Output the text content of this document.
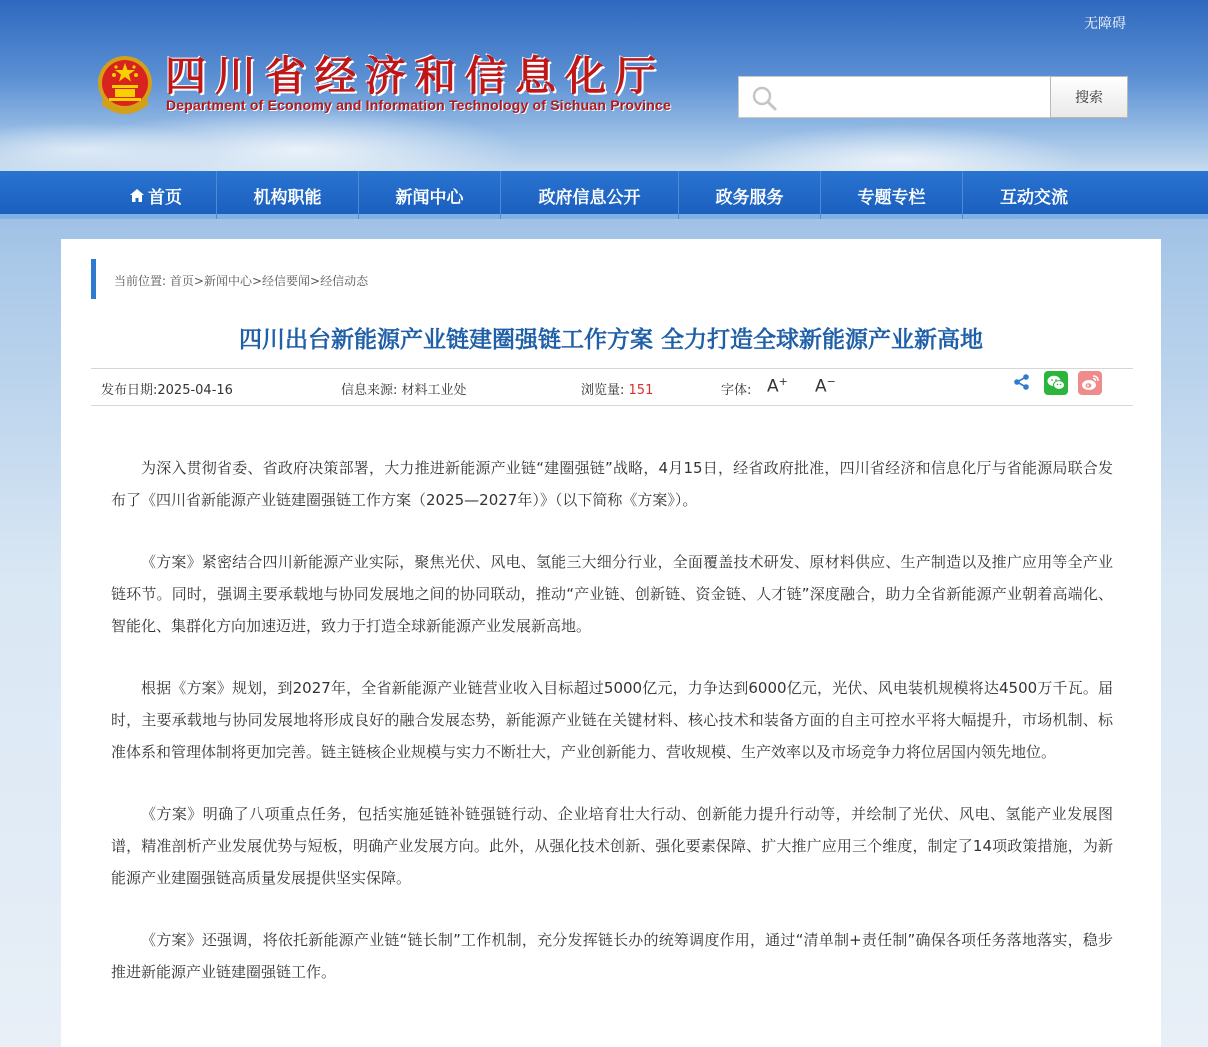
无障碍
四川省经济和信息化厅
Department of Economy and Information Technology of Sichuan Province	搜索
首页	机构职能	新闻中心	政府信息公开	政务服务	专题专栏	互动交流
当前位置: 首页>新闻中心>经信要闻>经信动态
四川出台新能源产业链建圈强链工作方案 全力打造全球新能源产业新高地
发布日期:2025-04-16	信息来源: 材料工业处	浏览量: 151	字体: A+ A−

为深入贯彻省委、省政府决策部署，大力推进新能源产业链“建圈强链”战略，4月15日，经省政府批准，四川省经济和信息化厅与省能源局联合发布了《四川省新能源产业链建圈强链工作方案（2025—2027年）》（以下简称《方案》）。

《方案》紧密结合四川新能源产业实际，聚焦光伏、风电、氢能三大细分行业，全面覆盖技术研发、原材料供应、生产制造以及推广应用等全产业链环节。同时，强调主要承载地与协同发展地之间的协同联动，推动“产业链、创新链、资金链、人才链”深度融合，助力全省新能源产业朝着高端化、智能化、集群化方向加速迈进，致力于打造全球新能源产业发展新高地。

根据《方案》规划，到2027年，全省新能源产业链营业收入目标超过5000亿元，力争达到6000亿元，光伏、风电装机规模将达4500万千瓦。届时，主要承载地与协同发展地将形成良好的融合发展态势，新能源产业链在关键材料、核心技术和装备方面的自主可控水平将大幅提升，市场机制、标准体系和管理体制将更加完善。链主链核企业规模与实力不断壮大，产业创新能力、营收规模、生产效率以及市场竞争力将位居国内领先地位。

《方案》明确了八项重点任务，包括实施延链补链强链行动、企业培育壮大行动、创新能力提升行动等，并绘制了光伏、风电、氢能产业发展图谱，精准剖析产业发展优势与短板，明确产业发展方向。此外，从强化技术创新、强化要素保障、扩大推广应用三个维度，制定了14项政策措施，为新能源产业建圈强链高质量发展提供坚实保障。

《方案》还强调，将依托新能源产业链“链长制”工作机制，充分发挥链长办的统筹调度作用，通过“清单制+责任制”确保各项任务落地落实，稳步推进新能源产业链建圈强链工作。
